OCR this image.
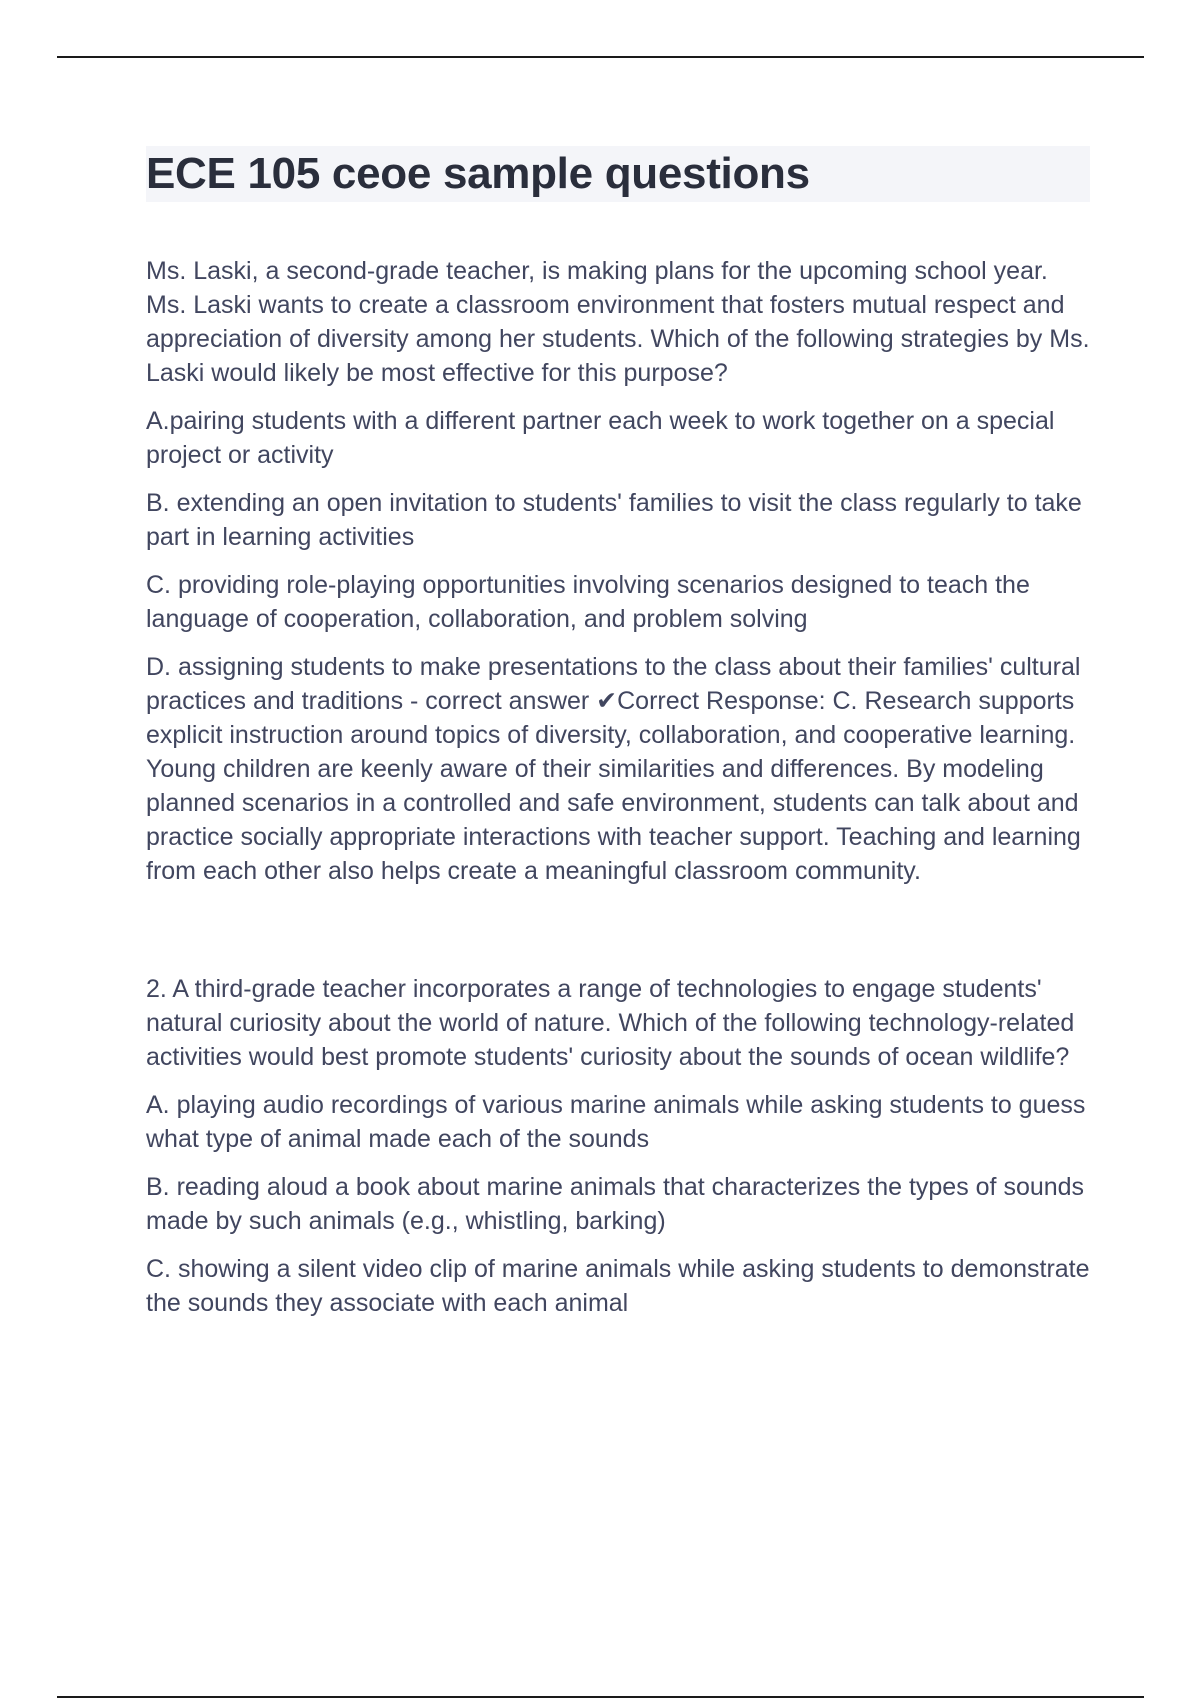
ECE 105 ceoe sample questions

Ms. Laski, a second-grade teacher, is making plans for the upcoming school year. Ms. Laski wants to create a classroom environment that fosters mutual respect and appreciation of diversity among her students. Which of the following strategies by Ms. Laski would likely be most effective for this purpose?

A.pairing students with a different partner each week to work together on a special project or activity

B. extending an open invitation to students' families to visit the class regularly to take part in learning activities

C. providing role-playing opportunities involving scenarios designed to teach the language of cooperation, collaboration, and problem solving

D. assigning students to make presentations to the class about their families' cultural practices and traditions - correct answer ✔Correct Response: C. Research supports explicit instruction around topics of diversity, collaboration, and cooperative learning. Young children are keenly aware of their similarities and differences. By modeling planned scenarios in a controlled and safe environment, students can talk about and practice socially appropriate interactions with teacher support. Teaching and learning from each other also helps create a meaningful classroom community.

2. A third-grade teacher incorporates a range of technologies to engage students' natural curiosity about the world of nature. Which of the following technology-related activities would best promote students' curiosity about the sounds of ocean wildlife?

A. playing audio recordings of various marine animals while asking students to guess what type of animal made each of the sounds

B. reading aloud a book about marine animals that characterizes the types of sounds made by such animals (e.g., whistling, barking)

C. showing a silent video clip of marine animals while asking students to demonstrate the sounds they associate with each animal
